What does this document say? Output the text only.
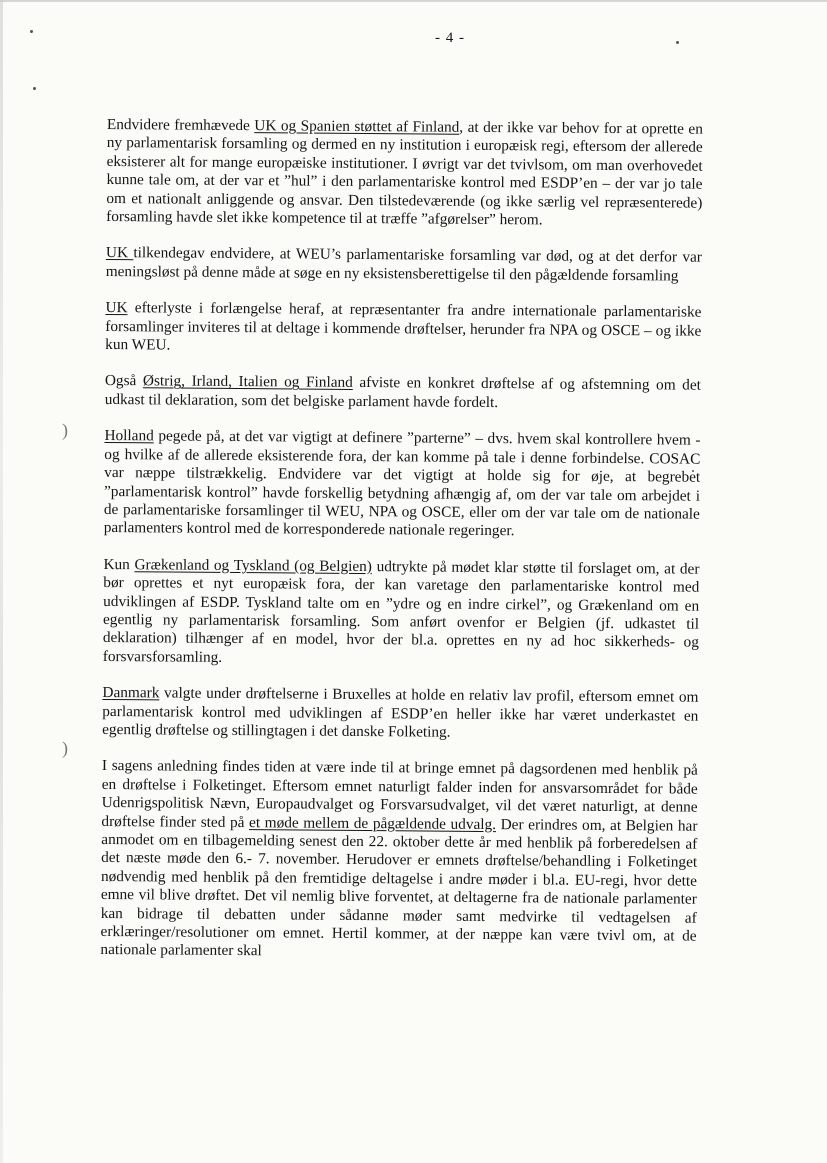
)
)
- 4 -

Endvidere fremhævede UK og Spanien støttet af Finland, at der ikke var behov for at oprette en ny parlamentarisk forsamling og dermed en ny institution i europæisk regi, eftersom der allerede eksisterer alt for mange europæiske institutioner. I øvrigt var det tvivlsom, om man overhovedet kunne tale om, at der var et ”hul” i den parlamentariske kontrol med ESDP’en – der var jo tale om et nationalt anliggende og ansvar. Den tilstedeværende (og ikke særlig vel repræsenterede) forsamling havde slet ikke kompetence til at træffe ”afgørelser” herom.

UK tilkendegav endvidere, at WEU’s parlamentariske forsamling var død, og at det derfor var meningsløst på denne måde at søge en ny eksistensberettigelse til den pågældende forsamling

UK efterlyste i forlængelse heraf, at repræsentanter fra andre internationale parlamentariske forsamlinger inviteres til at deltage i kommende drøftelser, herunder fra NPA og OSCE – og ikke kun WEU.

Også Østrig, Irland, Italien og Finland afviste en konkret drøftelse af og afstemning om det udkast til deklaration, som det belgiske parlament havde fordelt.

Holland pegede på, at det var vigtigt at definere ”parterne” – dvs. hvem skal kontrollere hvem - og hvilke af de allerede eksisterende fora, der kan komme på tale i denne forbindelse. COSAC var næppe tilstrækkelig. Endvidere var det vigtigt at holde sig for øje, at begrebet ”parlamentarisk kontrol” havde forskellig betydning afhængig af, om der var tale om arbejdet i de parlamentariske forsamlinger til WEU, NPA og OSCE, eller om der var tale om de nationale parlamenters kontrol med de korresponderede nationale regeringer.

Kun Grækenland og Tyskland (og Belgien) udtrykte på mødet klar støtte til forslaget om, at der bør oprettes et nyt europæisk fora, der kan varetage den parlamentariske kontrol med udviklingen af ESDP. Tyskland talte om en ”ydre og en indre cirkel”, og Grækenland om en egentlig ny parlamentarisk forsamling. Som anført ovenfor er Belgien (jf. udkastet til deklaration) tilhænger af en model, hvor der bl.a. oprettes en ny ad hoc sikkerheds- og forsvarsforsamling.

Danmark valgte under drøftelserne i Bruxelles at holde en relativ lav profil, eftersom emnet om parlamentarisk kontrol med udviklingen af ESDP’en heller ikke har været underkastet en egentlig drøftelse og stillingtagen i det danske Folketing.

I sagens anledning findes tiden at være inde til at bringe emnet på dagsordenen med henblik på en drøftelse i Folketinget. Eftersom emnet naturligt falder inden for ansvarsområdet for både Udenrigspolitisk Nævn, Europaudvalget og Forsvarsudvalget, vil det været naturligt, at denne drøftelse finder sted på et møde mellem de pågældende udvalg. Der erindres om, at Belgien har anmodet om en tilbagemelding senest den 22. oktober dette år med henblik på forberedelsen af det næste møde den 6.- 7. november. Herudover er emnets drøftelse/behandling i Folketinget nødvendig med henblik på den fremtidige deltagelse i andre møder i bl.a. EU-regi, hvor dette emne vil blive drøftet. Det vil nemlig blive forventet, at deltagerne fra de nationale parlamenter kan bidrage til debatten under sådanne møder samt medvirke til vedtagelsen af erklæringer/resolutioner om emnet. Hertil kommer, at der næppe kan være tvivl om, at de nationale parlamenter skal
